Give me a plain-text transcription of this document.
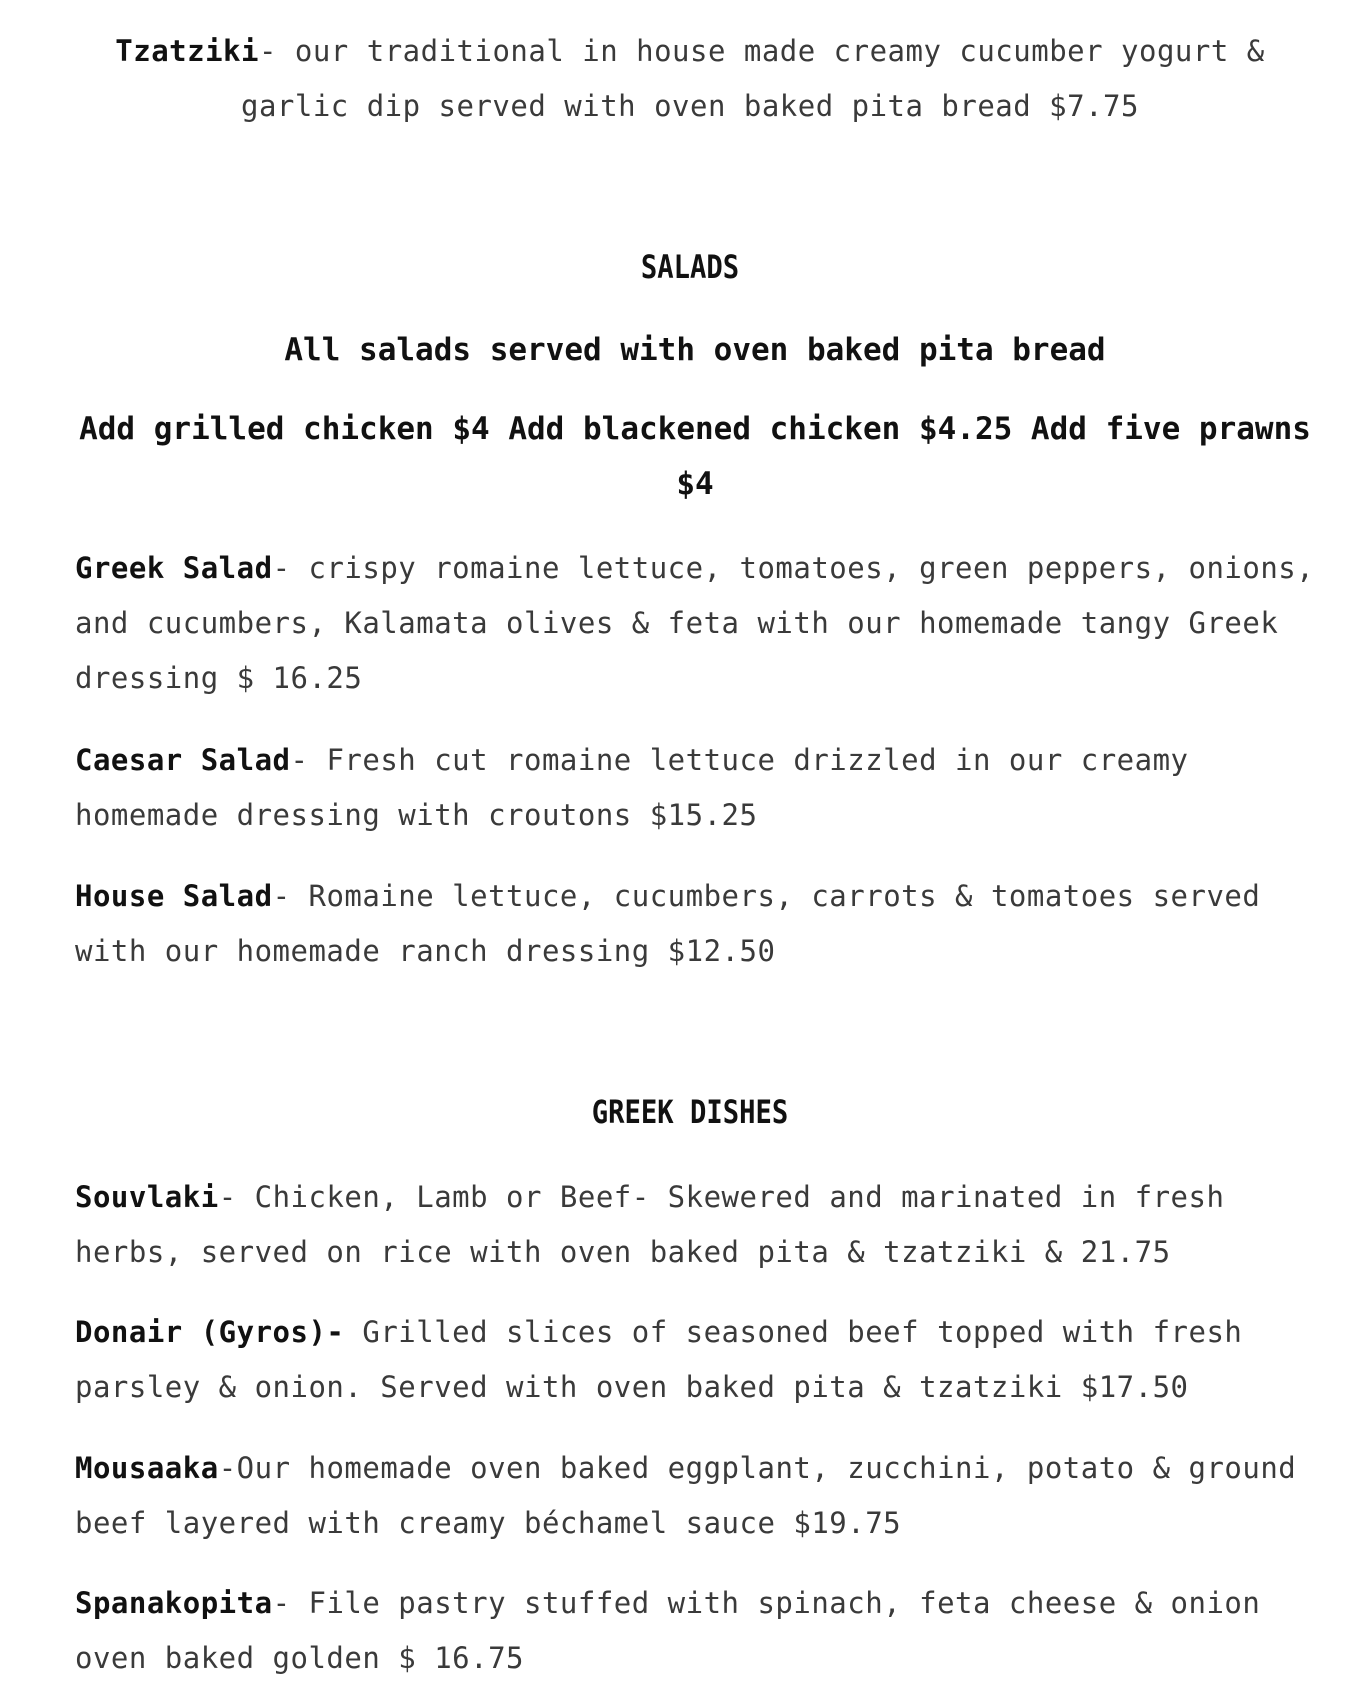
Tzatziki- our traditional in house made creamy cucumber yogurt & garlic dip served with oven baked pita bread $7.75
SALADS
All salads served with oven baked pita bread
Add grilled chicken $4 Add blackened chicken $4.25 Add five prawns $4
Greek Salad- crispy romaine lettuce, tomatoes, green peppers, onions, and cucumbers, Kalamata olives & feta with our homemade tangy Greek dressing $ 16.25
Caesar Salad- Fresh cut romaine lettuce drizzled in our creamy homemade dressing with croutons $15.25
House Salad- Romaine lettuce, cucumbers, carrots & tomatoes served with our homemade ranch dressing $12.50
GREEK DISHES
Souvlaki- Chicken, Lamb or Beef- Skewered and marinated in fresh herbs, served on rice with oven baked pita & tzatziki & 21.75
Donair (Gyros)- Grilled slices of seasoned beef topped with fresh parsley & onion. Served with oven baked pita & tzatziki $17.50
Mousaaka-Our homemade oven baked eggplant, zucchini, potato & ground beef layered with creamy béchamel sauce $19.75
Spanakopita- File pastry stuffed with spinach, feta cheese & onion oven baked golden $ 16.75
